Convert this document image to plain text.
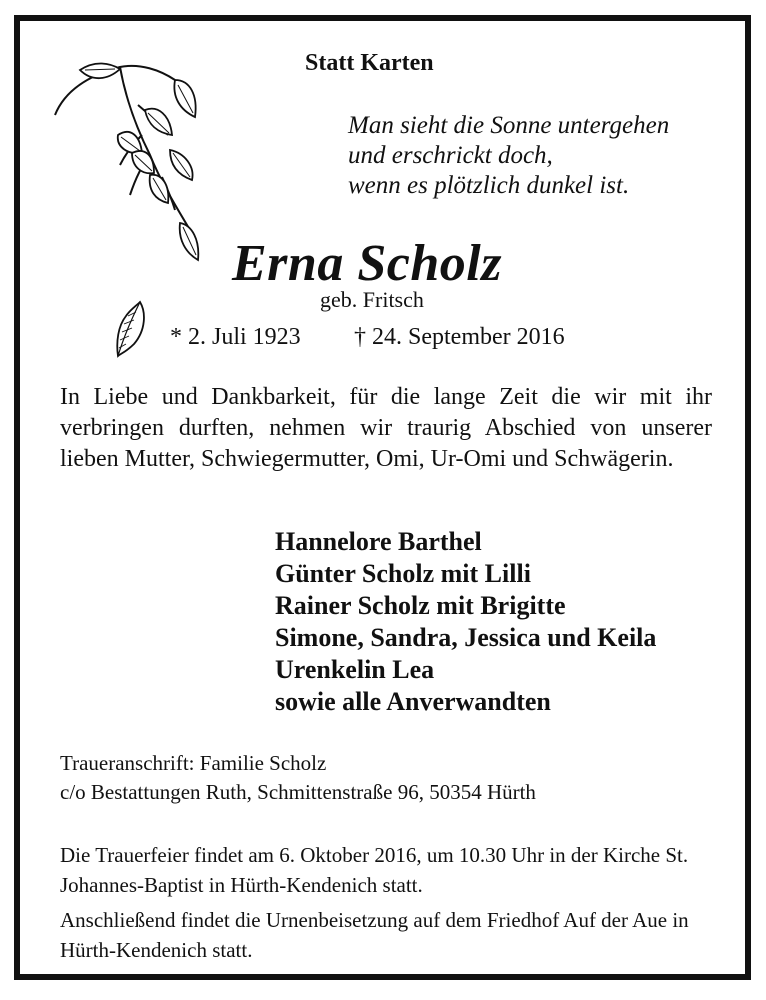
Statt Karten
Man sieht die Sonne untergehen
und erschrickt doch,
wenn es plötzlich dunkel ist.
Erna Scholz
geb. Fritsch
* 2. Juli 1923 † 24. September 2016
In Liebe und Dankbarkeit, für die lange Zeit die wir mit ihr verbringen durften, nehmen wir traurig Abschied von unserer lieben Mutter, Schwiegermutter, Omi, Ur-Omi und Schwägerin.
Hannelore Barthel
Günter Scholz mit Lilli
Rainer Scholz mit Brigitte
Simone, Sandra, Jessica und Keila
Urenkelin Lea
sowie alle Anverwandten
Traueranschrift: Familie Scholz
c/o Bestattungen Ruth, Schmittenstraße 96, 50354 Hürth
Die Trauerfeier findet am 6. Oktober 2016, um 10.30 Uhr in der Kirche St. Johannes-Baptist in Hürth-Kendenich statt.
Anschließend findet die Urnenbeisetzung auf dem Friedhof Auf der Aue in Hürth-Kendenich statt.
